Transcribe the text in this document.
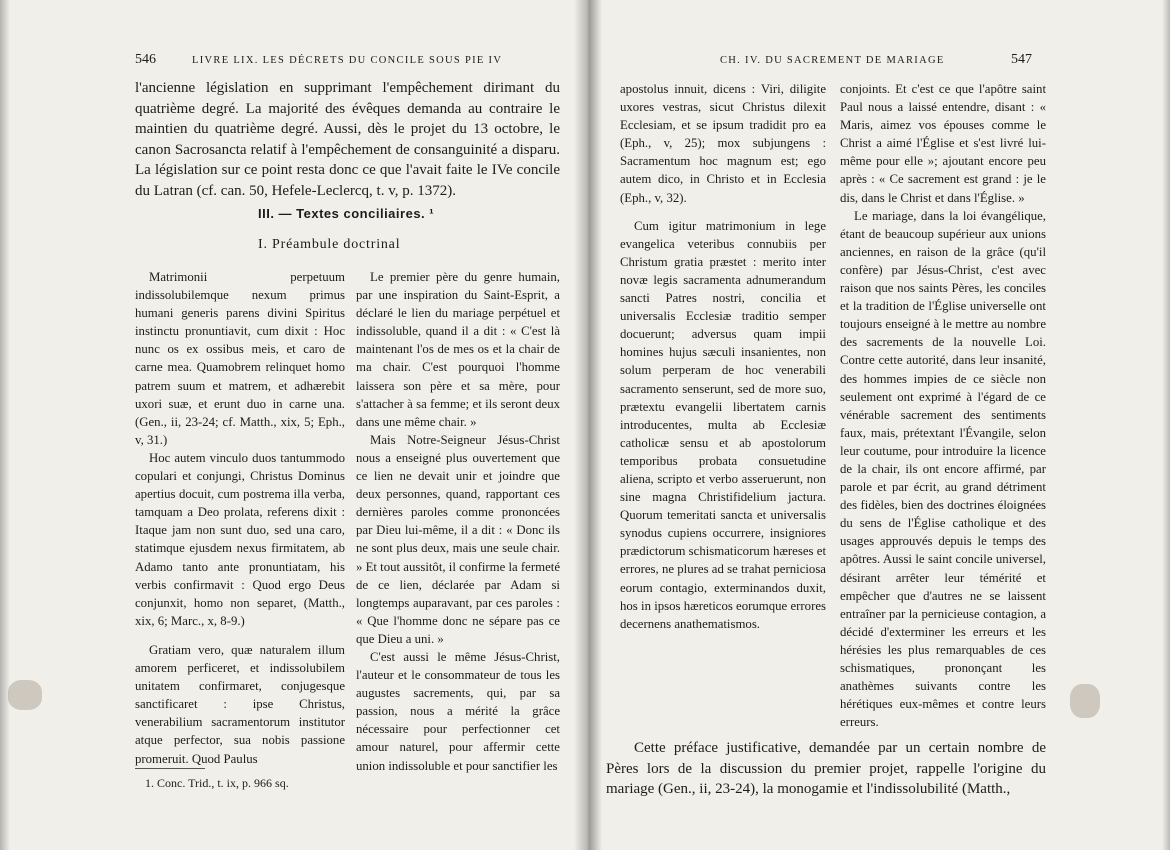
546	LIVRE LIX. LES DÉCRETS DU CONCILE SOUS PIE IV

l'ancienne législation en supprimant l'empêchement dirimant du quatrième degré. La majorité des évêques demanda au contraire le maintien du quatrième degré. Aussi, dès le projet du 13 octobre, le canon Sacrosancta relatif à l'empêchement de consanguinité a disparu. La législation sur ce point resta donc ce que l'avait faite le IVe concile du Latran (cf. can. 50, Hefele-Leclercq, t. v, p. 1372).

III. — Textes conciliaires. ¹
I. Préambule doctrinal

Matrimonii perpetuum indissolubilemque nexum primus humani generis parens divini Spiritus instinctu pronuntiavit, cum dixit : Hoc nunc os ex ossibus meis, et caro de carne mea. Quamobrem relinquet homo patrem suum et matrem, et adhærebit uxori suæ, et erunt duo in carne una. (Gen., ii, 23-24; cf. Matth., xix, 5; Eph., v, 31.)

Hoc autem vinculo duos tantummodo copulari et conjungi, Christus Dominus apertius docuit, cum postrema illa verba, tamquam a Deo prolata, referens dixit : Itaque jam non sunt duo, sed una caro, statimque ejusdem nexus firmitatem, ab Adamo tanto ante pronuntiatam, his verbis confirmavit : Quod ergo Deus conjunxit, homo non separet, (Matth., xix, 6; Marc., x, 8-9.)

Gratiam vero, quæ naturalem illum amorem perficeret, et indissolubilem unitatem confirmaret, conjugesque sanctificaret : ipse Christus, venerabilium sacramentorum institutor atque perfector, sua nobis passione promeruit. Quod Paulus

Le premier père du genre humain, par une inspiration du Saint-Esprit, a déclaré le lien du mariage perpétuel et indissoluble, quand il a dit : « C'est là maintenant l'os de mes os et la chair de ma chair. C'est pourquoi l'homme laissera son père et sa mère, pour s'attacher à sa femme; et ils seront deux dans une même chair. »

Mais Notre-Seigneur Jésus-Christ nous a enseigné plus ouvertement que ce lien ne devait unir et joindre que deux personnes, quand, rapportant ces dernières paroles comme prononcées par Dieu lui-même, il a dit : « Donc ils ne sont plus deux, mais une seule chair. » Et tout aussitôt, il confirme la fermeté de ce lien, déclarée par Adam si longtemps auparavant, par ces paroles : « Que l'homme donc ne sépare pas ce que Dieu a uni. »

C'est aussi le même Jésus-Christ, l'auteur et le consommateur de tous les augustes sacrements, qui, par sa passion, nous a mérité la grâce nécessaire pour perfectionner cet amour naturel, pour affermir cette union indissoluble et pour sanctifier les

1. Conc. Trid., t. ix, p. 966 sq.
CH. IV. DU SACREMENT DE MARIAGE	547

apostolus innuit, dicens : Viri, diligite uxores vestras, sicut Christus dilexit Ecclesiam, et se ipsum tradidit pro ea (Eph., v, 25); mox subjungens : Sacramentum hoc magnum est; ego autem dico, in Christo et in Ecclesia (Eph., v, 32).

Cum igitur matrimonium in lege evangelica veteribus connubiis per Christum gratia præstet : merito inter novæ legis sacramenta adnumerandum sancti Patres nostri, concilia et universalis Ecclesiæ traditio semper docuerunt; adversus quam impii homines hujus sæculi insanientes, non solum perperam de hoc venerabili sacramento senserunt, sed de more suo, prætextu evangelii libertatem carnis introducentes, multa ab Ecclesiæ catholicæ sensu et ab apostolorum temporibus probata consuetudine aliena, scripto et verbo asseruerunt, non sine magna Christifidelium jactura. Quorum temeritati sancta et universalis synodus cupiens occurrere, insigniores prædictorum schismaticorum hæreses et errores, ne plures ad se trahat perniciosa eorum contagio, exterminandos duxit, hos in ipsos hæreticos eorumque errores decernens anathematismos.

conjoints. Et c'est ce que l'apôtre saint Paul nous a laissé entendre, disant : « Maris, aimez vos épouses comme le Christ a aimé l'Église et s'est livré lui-même pour elle »; ajoutant encore peu après : « Ce sacrement est grand : je le dis, dans le Christ et dans l'Église. »

Le mariage, dans la loi évangélique, étant de beaucoup supérieur aux unions anciennes, en raison de la grâce (qu'il confère) par Jésus-Christ, c'est avec raison que nos saints Pères, les conciles et la tradition de l'Église universelle ont toujours enseigné à le mettre au nombre des sacrements de la nouvelle Loi. Contre cette autorité, dans leur insanité, des hommes impies de ce siècle non seulement ont exprimé à l'égard de ce vénérable sacrement des sentiments faux, mais, prétextant l'Évangile, selon leur coutume, pour introduire la licence de la chair, ils ont encore affirmé, par parole et par écrit, au grand détriment des fidèles, bien des doctrines éloignées du sens de l'Église catholique et des usages approuvés depuis le temps des apôtres. Aussi le saint concile universel, désirant arrêter leur témérité et empêcher que d'autres ne se laissent entraîner par la pernicieuse contagion, a décidé d'exterminer les erreurs et les hérésies les plus remarquables de ces schismatiques, prononçant les anathèmes suivants contre les hérétiques eux-mêmes et contre leurs erreurs.

Cette préface justificative, demandée par un certain nombre de Pères lors de la discussion du premier projet, rappelle l'origine du mariage (Gen., ii, 23-24), la monogamie et l'indissolubilité (Matth.,
